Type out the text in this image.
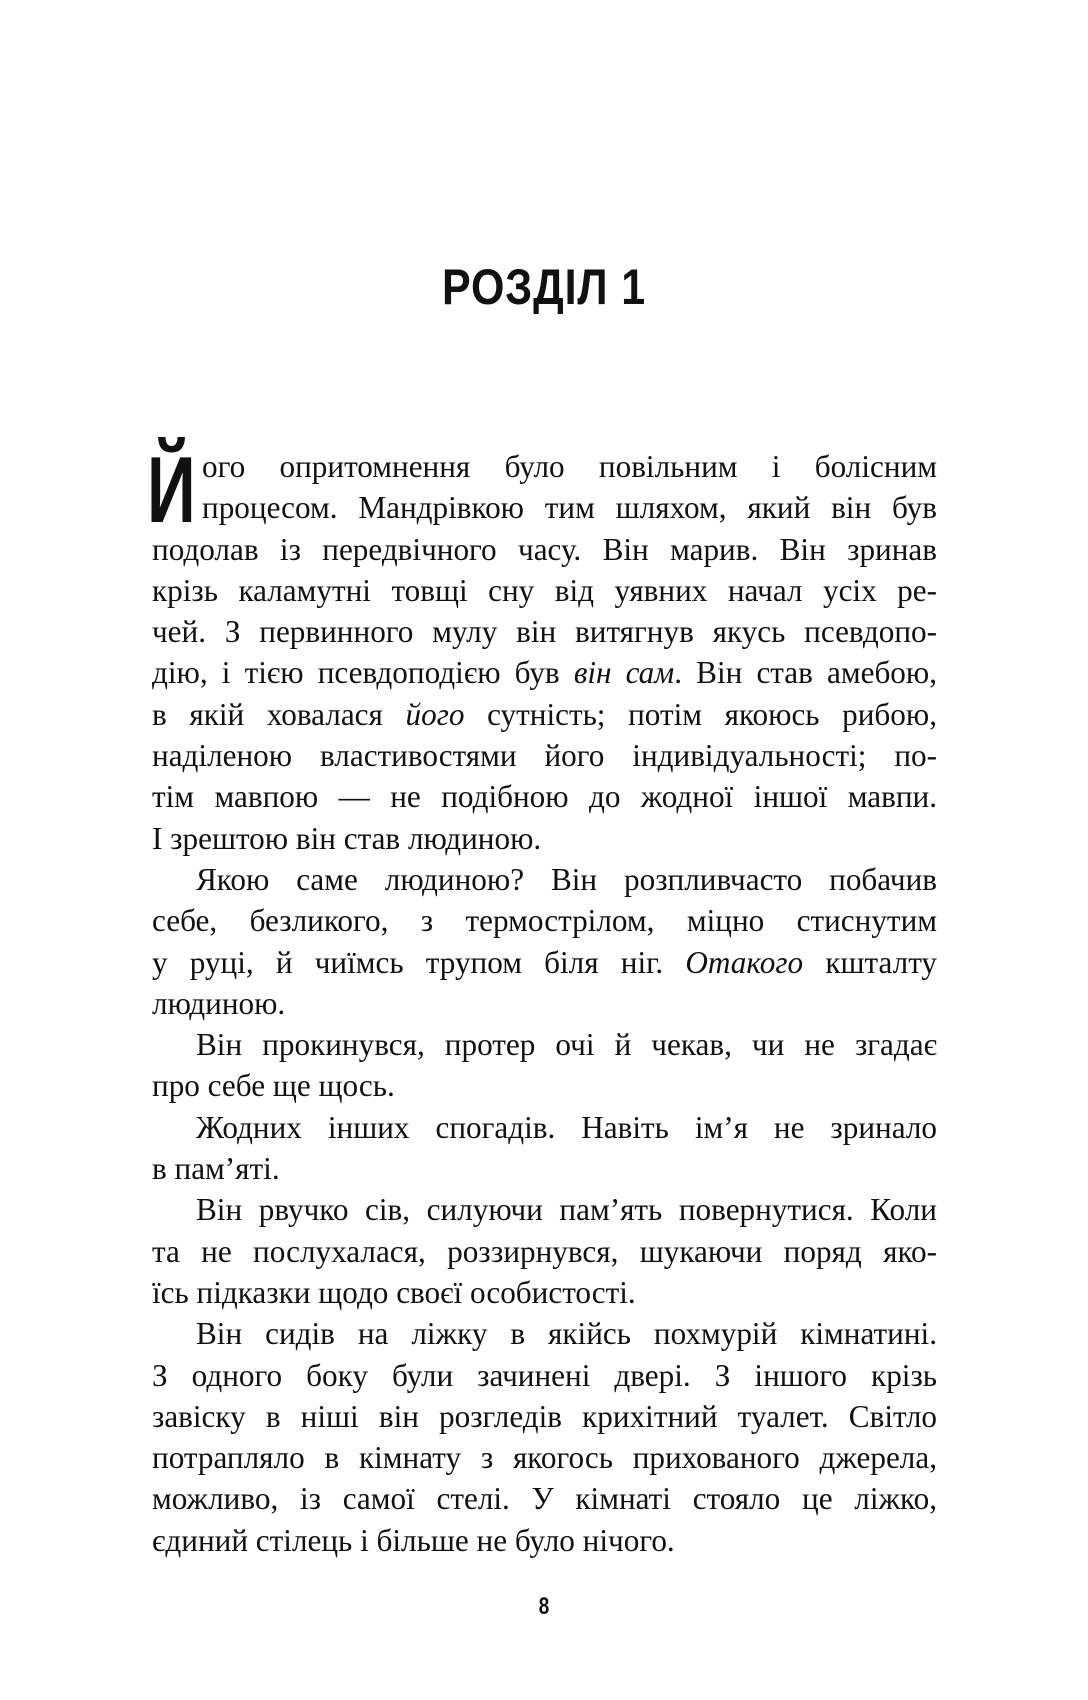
РОЗДІЛ 1
Й ого опритомнення було повільним і болісним
процесом. Мандрівкою тим шляхом, який він був
подолав із передвічного часу. Він марив. Він зринав
крізь каламутні товщі сну від уявних начал усіх ре-
чей. З первинного мулу він витягнув якусь псевдопо-
дію, і тією псевдоподією був він сам. Він став амебою,
в якій ховалася його сутність; потім якоюсь рибою,
наділеною властивостями його індивідуальності; по-
тім мавпою — не подібною до жодної іншої мавпи.
І зрештою він став людиною.
Якою саме людиною? Він розпливчасто побачив
себе, безликого, з термострілом, міцно стиснутим
у руці, й чиїмсь трупом біля ніг. Отакого кшталту
людиною.
Він прокинувся, протер очі й чекав, чи не згадає
про себе ще щось.
Жодних інших спогадів. Навіть ім’я не зринало
в пам’яті.
Він рвучко сів, силуючи пам’ять повернутися. Коли
та не послухалася, роззирнувся, шукаючи поряд яко-
їсь підказки щодо своєї особистості.
Він сидів на ліжку в якійсь похмурій кімнатині.
З одного боку були зачинені двері. З іншого крізь
завіску в ніші він розгледів крихітний туалет. Світло
потрапляло в кімнату з якогось прихованого джерела,
можливо, із самої стелі. У кімнаті стояло це ліжко,
єдиний стілець і більше не було нічого.
8
